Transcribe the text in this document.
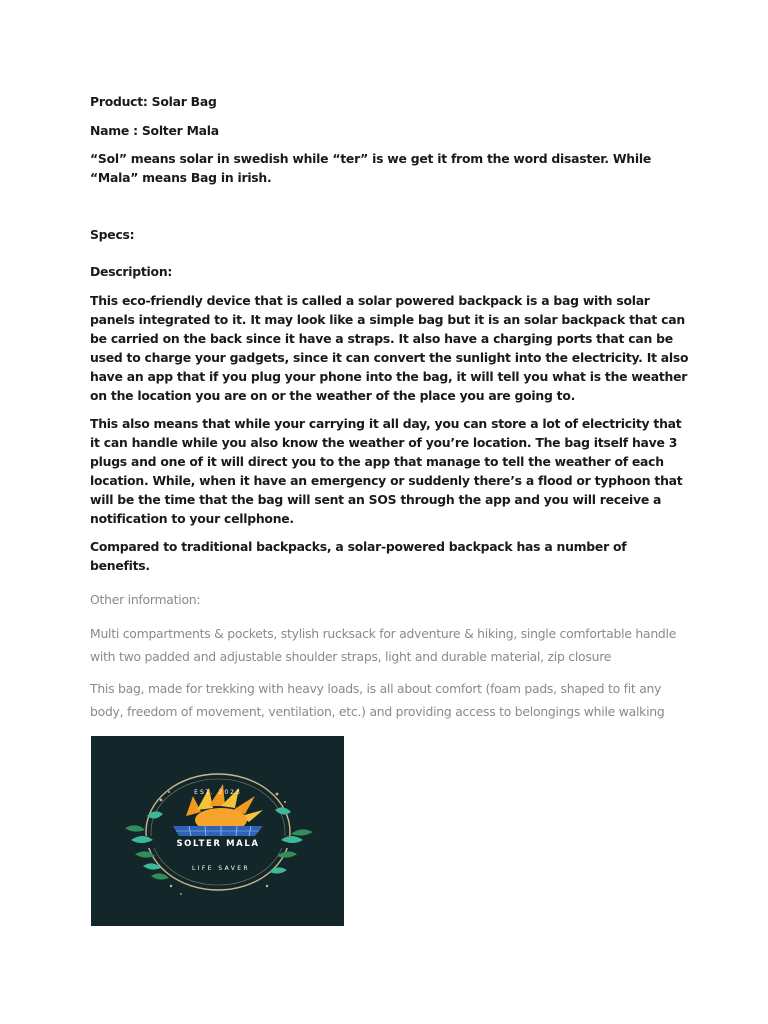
Product: Solar Bag

Name : Solter Mala

“Sol” means solar in swedish while “ter” is we get it from the word disaster. While “Mala” means Bag in irish.

Specs:

Description:

This eco-friendly device that is called a solar powered backpack is a bag with solar panels integrated to it. It may look like a simple bag but it is an solar backpack that can be carried on the back since it have a straps. It also have a charging ports that can be used to charge your gadgets, since it can convert the sunlight into the electricity. It also have an app that if you plug your phone into the bag, it will tell you what is the weather on the location you are on or the weather of the place you are going to.

This also means that while your carrying it all day, you can store a lot of electricity that it can handle while you also know the weather of you’re location. The bag itself have 3 plugs and one of it will direct you to the app that manage to tell the weather of each location. While, when it have an emergency or suddenly there’s a flood or typhoon that will be the time that the bag will sent an SOS through the app and you will receive a notification to your cellphone.

Compared to traditional backpacks, a solar-powered backpack has a number of benefits.

Other information:

Multi compartments & pockets, stylish rucksack for adventure & hiking, single comfortable handle with two padded and adjustable shoulder straps, light and durable material, zip closure

This bag, made for trekking with heavy loads, is all about comfort (foam pads, shaped to fit any body, freedom of movement, ventilation, etc.) and providing access to belongings while walking

EST. 2023
SOLTER MALA
LIFE SAVER
